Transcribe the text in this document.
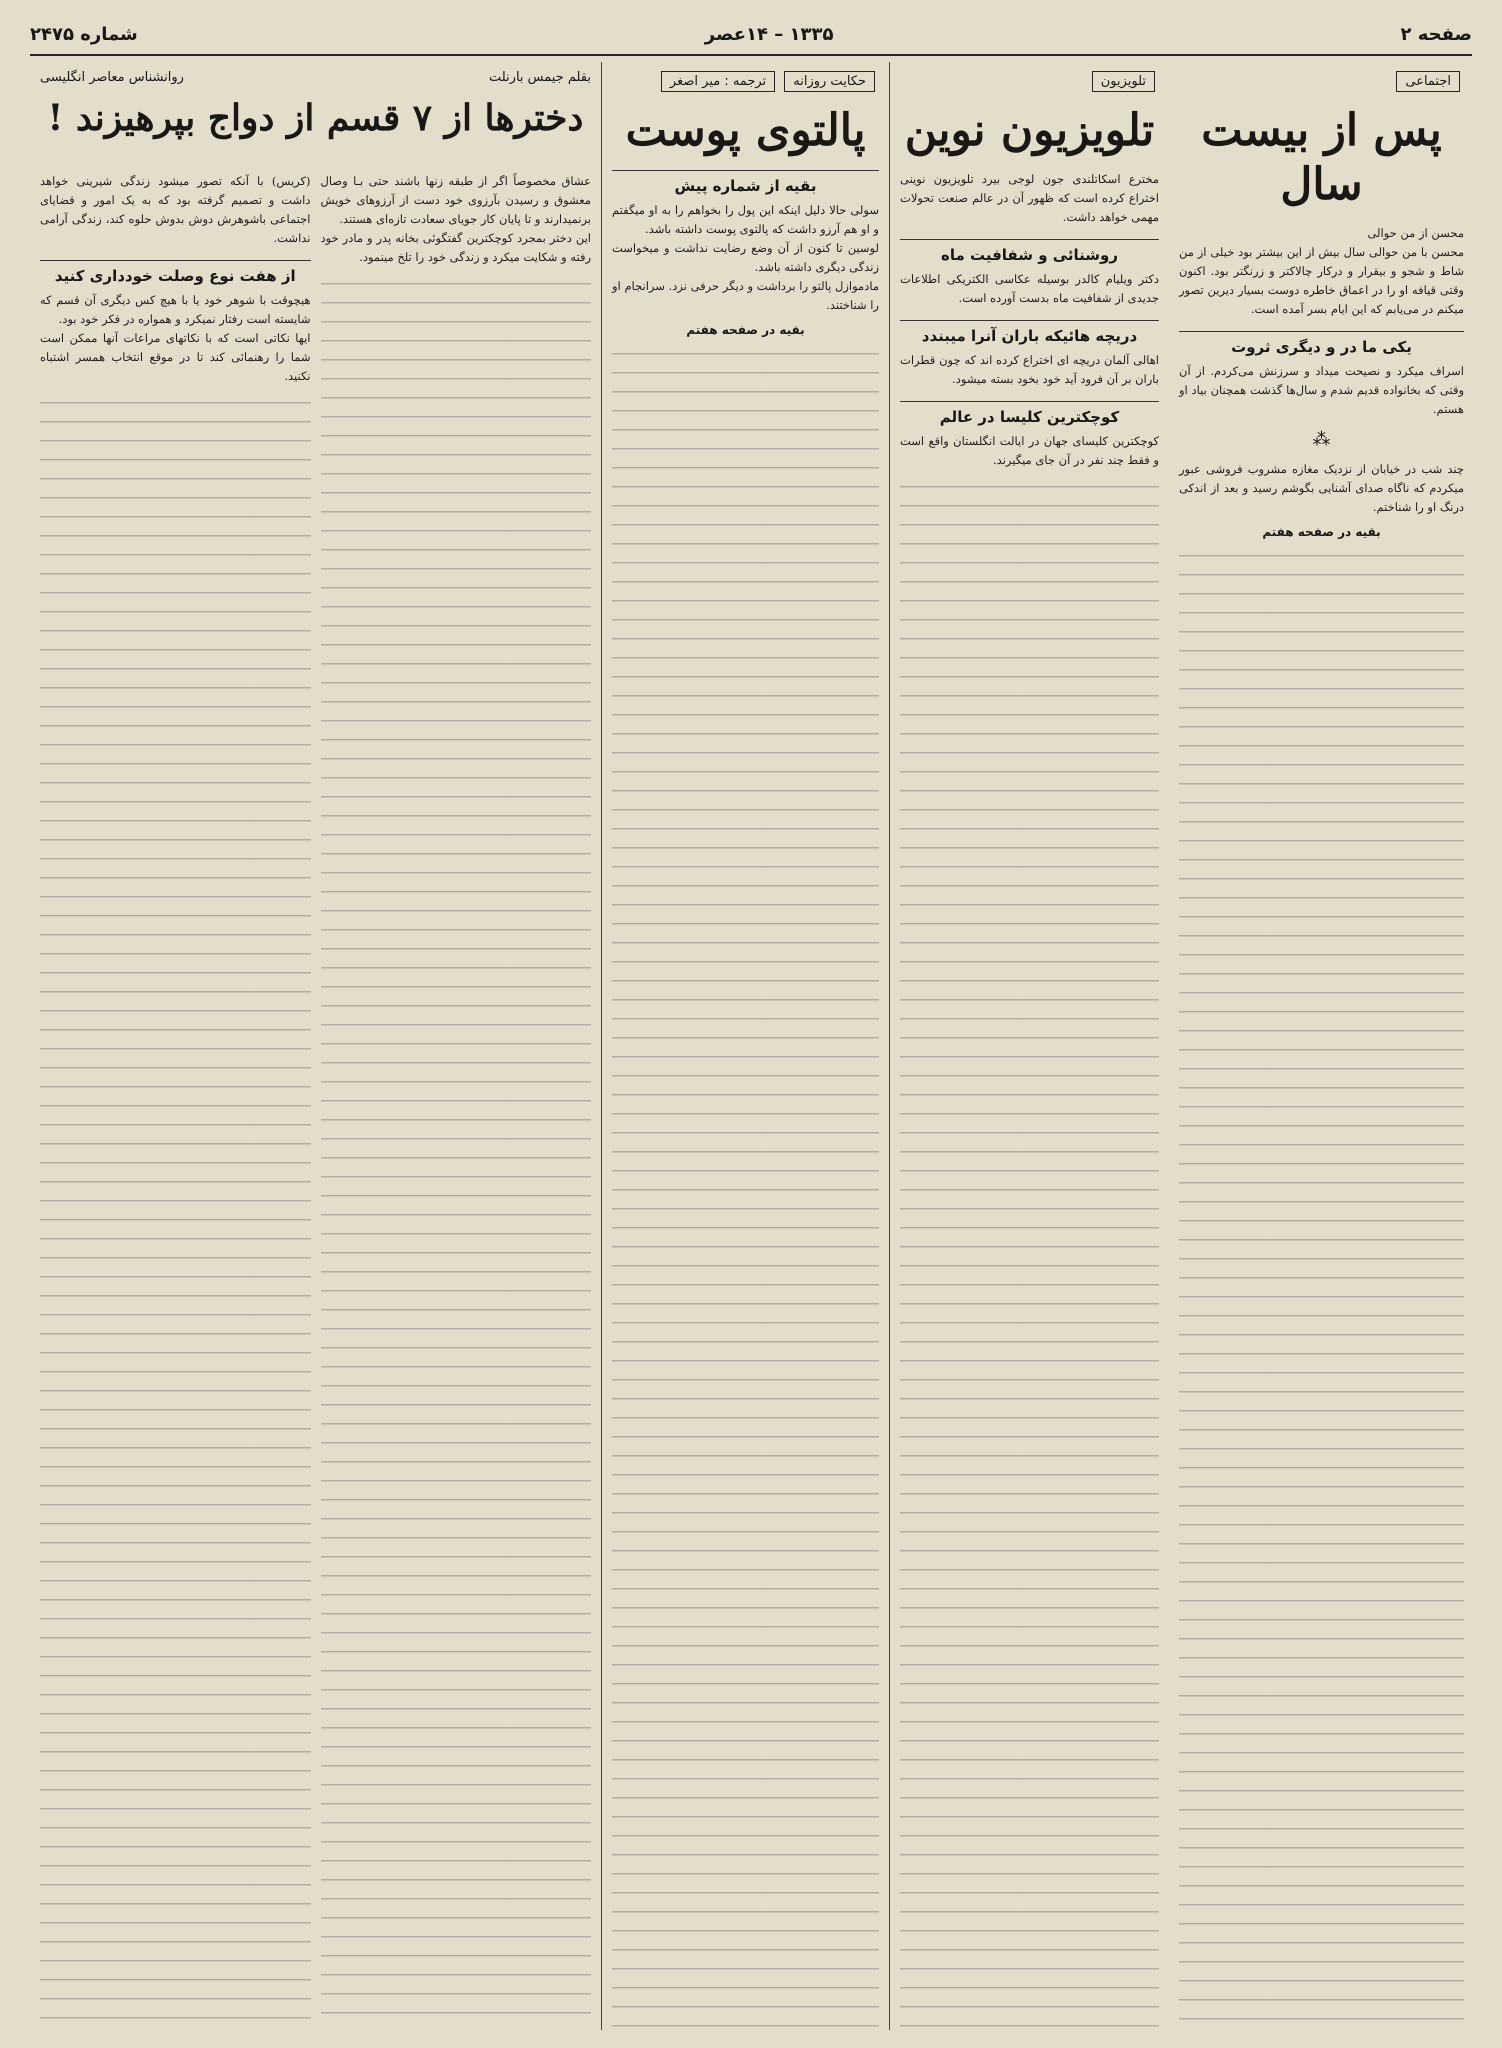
صفحه ۲
۱۳۳۵ – ۱۴عصر
شماره ۲۴۷۵
اجتماعی
پس از بیست سال
محسن از من حوالی
محسن با من حوالی سال بیش از این بیشتر بود خیلی از من شاط و شجو و بیقرار و درکار چالاکتر و زرنگتر بود. اکنون وقتی قیافه او را در اعماق خاطره دوست بسیار دیرین تصور میکنم در می‌یابم که این ایام بسر آمده است.
یکی ما در و دیگری ثروت
اسراف میکرد و نصیحت میداد و سرزنش می‌کردم. از آن وقتی که بخانواده قدیم شدم و سال‌ها گذشت همچنان بیاد او هستم.
⁂
چند شب در خیابان از نزدیک مغازه مشروب فروشی عبور میکردم که ناگاه صدای آشنایی بگوشم رسید و بعد از اندکی درنگ او را شناختم.
بقیه در صفحه هفتم
تلویزیون
تلویزیون نوین
مخترع اسکاتلندی جون لوجی بیرد تلویزیون نوینی اختراع کرده است که ظهور آن در عالم صنعت تحولات مهمی خواهد داشت.
روشنائی و شفافیت ماه
دکتر ویلیام کالدر بوسیله عکاسی الکتریکی اطلاعات جدیدی از شفافیت ماه بدست آورده است.
دریچه هائیکه باران آنرا میبندد
اهالی آلمان دریچه ای اختراع کرده اند که چون قطرات باران بر آن فرود آید خود بخود بسته میشود.
کوچکترین کلیسا در عالم
کوچکترین کلیسای جهان در ایالت انگلستان واقع است و فقط چند نفر در آن جای میگیرند.
حکایت روزانه ترجمه : میر اصغر
پالتوی پوست
بقیه از شماره پیش
سولی حالا دلیل اینکه این پول را بخواهم را به او میگفتم و او هم آرزو داشت که پالتوی پوست داشته باشد.
لوسین تا کنون از آن وضع رضایت نداشت و میخواست زندگی دیگری داشته باشد.
مادموازل پالتو را برداشت و دیگر حرفی نزد. سرانجام او را شناختند.
بقیه در صفحه هفتم
بقلم جیمس بارنلت
روانشناس معاصر انگلیسی
دخترها از ۷ قسم از دواج بپرهیزند !
عشاق مخصوصاً اگر از طبقه زنها باشند حتی بـا وصال معشوق و رسیدن بآرزوی خود دست از آرزوهای خویش برنمیدارند و تا پایان کار جویای سعادت تازه‌ای هستند.
این دختر بمجرد کوچکترین گفتگوئی بخانه پدر و مادر خود رفته و شکایت میکرد و زندگی خود را تلخ مینمود.
(کریس) با آنکه تصور میشود زندگی شیرینی خواهد داشت و تصمیم گرفته بود که به یک امور و قضایای اجتماعی باشوهرش دوش بدوش حلوه کند، زندگی آرامی نداشت.
از هفت نوع وصلت خودداری کنید
هیچوقت با شوهر خود یا با هیچ کس دیگری آن قسم که شایسته است رفتار نمیکرد و همواره در فکر خود بود.
ایها نکاتی است که با نکاتهای مراعات آنها ممکن است شما را رهنمائی کند تا در موقع انتخاب همسر اشتباه نکنید.
